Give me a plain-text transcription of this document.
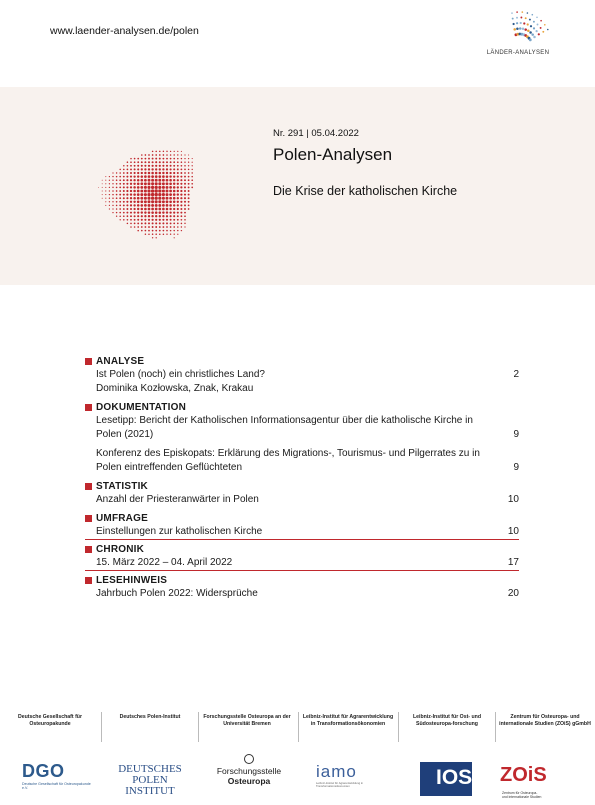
www.laender-analysen.de/polen
LÄNDER-ANALYSEN
Nr. 291 | 05.04.2022
Polen-Analysen
Die Krise der katholischen Kirche
ANALYSE
Ist Polen (noch) ein christliches Land?	2
Dominika Kozłowska, Znak, Krakau
DOKUMENTATION
Lesetipp: Bericht der Katholischen Informationsagentur über die katholische Kirche in Polen (2021)	9
Konferenz des Episkopats: Erklärung des Migrations-, Tourismus- und Pilgerrates zu in Polen eintreffenden Geflüchteten	9
STATISTIK
Anzahl der Priesteranwärter in Polen	10
UMFRAGE
Einstellungen zur katholischen Kirche	10
CHRONIK
15. März 2022 – 04. April 2022	17
LESEHINWEIS
Jahrbuch Polen 2022: Widersprüche	20
Deutsche Gesellschaft für Osteuropakunde
Deutsches Polen-Institut	Forschungsstelle Osteuropa an der Universität Bremen
Leibniz-Institut für Agrarentwicklung in Transformationsökonomien
Leibniz-Institut für Ost- und Südosteuropa-forschung
Zentrum für Osteuropa- und internationale Studien (ZOiS) gGmbH
DGO
Deutsche Gesellschaft für Osteuropakunde e.V.
DEUTSCHES POLEN INSTITUT
Forschungsstelle
Osteuropa	iamo
Leibniz-Institut für Agrarentwicklung in Transformationsökonomien	IOS ZOiS Zentrum für Osteuropa- und internationale Studien
